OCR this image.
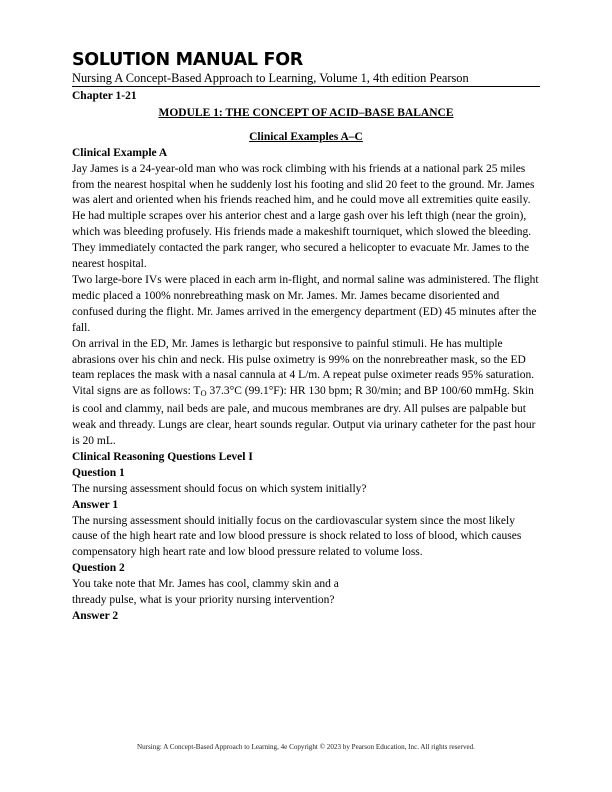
SOLUTION MANUAL FOR
Nursing A Concept-Based Approach to Learning, Volume 1, 4th edition Pearson
Chapter 1-21
MODULE 1: THE CONCEPT OF ACID–BASE BALANCE
Clinical Examples A–C

Clinical Example A

Jay James is a 24-year-old man who was rock climbing with his friends at a national park 25 miles from the nearest hospital when he suddenly lost his footing and slid 20 feet to the ground. Mr. James was alert and oriented when his friends reached him, and he could move all extremities quite easily. He had multiple scrapes over his anterior chest and a large gash over his left thigh (near the groin), which was bleeding profusely. His friends made a makeshift tourniquet, which slowed the bleeding. They immediately contacted the park ranger, who secured a helicopter to evacuate Mr. James to the nearest hospital.

Two large-bore IVs were placed in each arm in-flight, and normal saline was administered. The flight medic placed a 100% nonrebreathing mask on Mr. James. Mr. James became disoriented and confused during the flight. Mr. James arrived in the emergency department (ED) 45 minutes after the fall.

On arrival in the ED, Mr. James is lethargic but responsive to painful stimuli. He has multiple abrasions over his chin and neck. His pulse oximetry is 99% on the nonrebreather mask, so the ED team replaces the mask with a nasal cannula at 4 L/m. A repeat pulse oximeter reads 95% saturation.

Vital signs are as follows: $T_O$ 37.3°C (99.1°F): HR 130 bpm; R 30/min; and BP 100/60 mmHg. Skin is cool and clammy, nail beds are pale, and mucous membranes are dry. All pulses are palpable but weak and thready. Lungs are clear, heart sounds regular. Output via urinary catheter for the past hour is 20 mL.

Clinical Reasoning Questions Level I

Question 1

The nursing assessment should focus on which system initially?

Answer 1

The nursing assessment should initially focus on the cardiovascular system since the most likely cause of the high heart rate and low blood pressure is shock related to loss of blood, which causes compensatory high heart rate and low blood pressure related to volume loss.

Question 2

You take note that Mr. James has cool, clammy skin and a

thready pulse, what is your priority nursing intervention?

Answer 2

Nursing: A Concept-Based Approach to Learning, 4e Copyright © 2023 by Pearson Education, Inc. All rights reserved.
